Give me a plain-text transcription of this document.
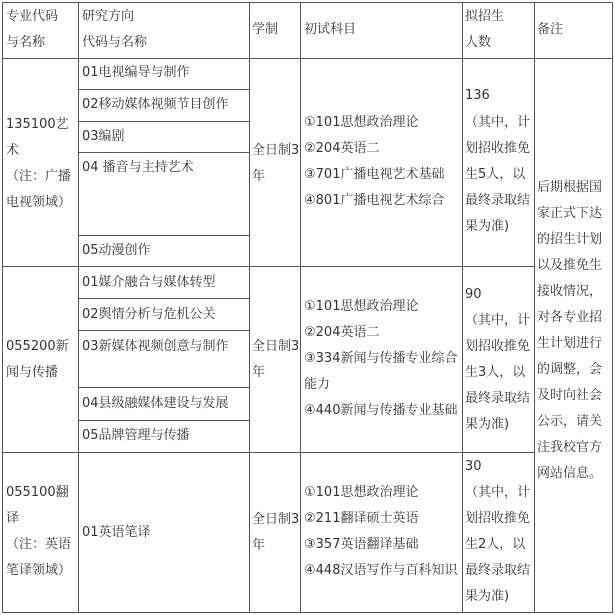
专业代码
与名称
研究方向
代码与名称
学制	初试科目
拟招生
人数
备注
135100艺
术
（注：广播
电视领域）
01电视编导与制作
02移动媒体视频节目创作
03编剧
04 播音与主持艺术
05动漫创作
全日制3
年
①101思想政治理论
②204英语二
③701广播电视艺术基础
④801广播电视艺术综合
136
（其中，计
划招收推免
生5人，以
最终录取结
果为准)
055200新
闻与传播
01媒介融合与媒体转型
02舆情分析与危机公关
03新媒体视频创意与制作
04县级融媒体建设与发展
05品牌管理与传播
全日制3
年
①101思想政治理论
②204英语二
③334新闻与传播专业综合
能力
④440新闻与传播专业基础
90
（其中，计
划招收推免
生3人，以
最终录取结
果为准)
055100翻
译
（注：英语
笔译领域）
01英语笔译
全日制3
年
①101思想政治理论
②211翻译硕士英语
③357英语翻译基础
④448汉语写作与百科知识
30
（其中，计
划招收推免
生2人，以
最终录取结
果为准)
后期根据国
家正式下达
的招生计划
以及推免生
接收情况，
对各专业招
生计划进行
的调整，会
及时向社会
公示，请关
注我校官方
网站信息。
